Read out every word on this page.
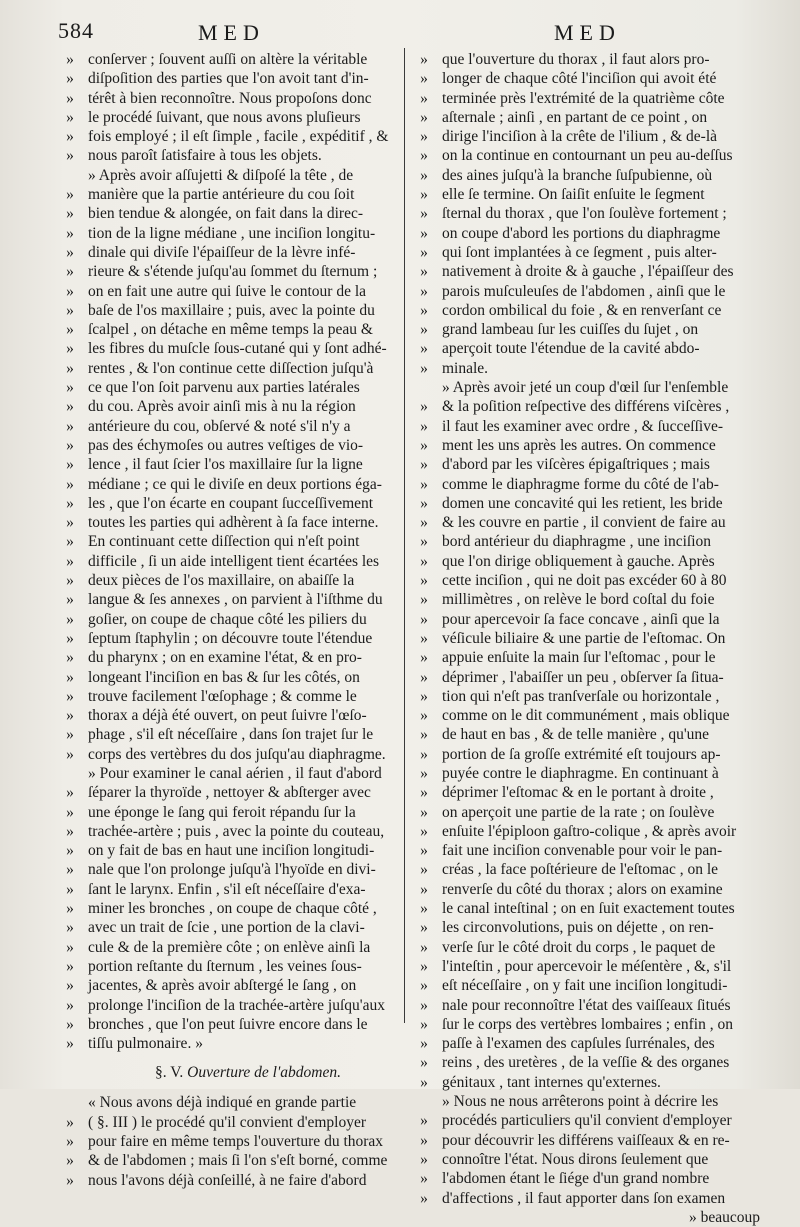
584	MED	MED
» conſerver ; ſouvent auſſi on altère la véritable
» diſpoſition des parties que l'on avoit tant d'in-
» térêt à bien reconnoître. Nous propoſons donc
» le procédé ſuivant, que nous avons pluſieurs
» fois employé ; il eſt ſimple , facile , expéditif , &
» nous paroît ſatisfaire à tous les objets.
» Après avoir aſſujetti & diſpoſé la tête , de
» manière que la partie antérieure du cou ſoit
» bien tendue & alongée, on fait dans la direc-
» tion de la ligne médiane , une inciſion longitu-
» dinale qui diviſe l'épaiſſeur de la lèvre infé-
» rieure & s'étende juſqu'au ſommet du ſternum ;
» on en fait une autre qui ſuive le contour de la
» baſe de l'os maxillaire ; puis, avec la pointe du
» ſcalpel , on détache en même temps la peau &
» les fibres du muſcle ſous-cutané qui y ſont adhé-
» rentes , & l'on continue cette diſſection juſqu'à
» ce que l'on ſoit parvenu aux parties latérales
» du cou. Après avoir ainſi mis à nu la région
» antérieure du cou, obſervé & noté s'il n'y a
» pas des échymoſes ou autres veſtiges de vio-
» lence , il faut ſcier l'os maxillaire ſur la ligne
» médiane ; ce qui le diviſe en deux portions éga-
» les , que l'on écarte en coupant ſucceſſivement
» toutes les parties qui adhèrent à ſa face interne.
» En continuant cette diſſection qui n'eſt point
» difficile , ſi un aide intelligent tient écartées les
» deux pièces de l'os maxillaire, on abaiſſe la
» langue & ſes annexes , on parvient à l'iſthme du
» goſier, on coupe de chaque côté les piliers du
» ſeptum ſtaphylin ; on découvre toute l'étendue
» du pharynx ; on en examine l'état, & en pro-
» longeant l'inciſion en bas & ſur les côtés, on
» trouve facilement l'œſophage ; & comme le
» thorax a déjà été ouvert, on peut ſuivre l'œſo-
» phage , s'il eſt néceſſaire , dans ſon trajet ſur le
» corps des vertèbres du dos juſqu'au diaphragme.
» Pour examiner le canal aérien , il faut d'abord
» ſéparer la thyroïde , nettoyer & abſterger avec
» une éponge le ſang qui feroit répandu ſur la
» trachée-artère ; puis , avec la pointe du couteau,
» on y fait de bas en haut une inciſion longitudi-
» nale que l'on prolonge juſqu'à l'hyoïde en divi-
» ſant le larynx. Enfin , s'il eſt néceſſaire d'exa-
» miner les bronches , on coupe de chaque côté ,
» avec un trait de ſcie , une portion de la clavi-
» cule & de la première côte ; on enlève ainſi la
» portion reſtante du ſternum , les veines ſous-
» jacentes, & après avoir abſtergé le ſang , on
» prolonge l'inciſion de la trachée-artère juſqu'aux
» bronches , que l'on peut ſuivre encore dans le
» tiſſu pulmonaire. »
§. V. Ouverture de l'abdomen.
« Nous avons déjà indiqué en grande partie
» ( §. III ) le procédé qu'il convient d'employer
» pour faire en même temps l'ouverture du thorax
» & de l'abdomen ; mais ſi l'on s'eſt borné, comme
» nous l'avons déjà conſeillé, à ne faire d'abord
» que l'ouverture du thorax , il faut alors pro-
» longer de chaque côté l'inciſion qui avoit été
» terminée près l'extrémité de la quatrième côte
» aſternale ; ainſi , en partant de ce point , on
» dirige l'inciſion à la crête de l'ilium , & de-là
» on la continue en contournant un peu au-deſſus
» des aines juſqu'à la branche ſuſpubienne, où
» elle ſe termine. On ſaiſit enſuite le ſegment
» ſternal du thorax , que l'on ſoulève fortement ;
» on coupe d'abord les portions du diaphragme
» qui ſont implantées à ce ſegment , puis alter-
» nativement à droite & à gauche , l'épaiſſeur des
» parois muſculeuſes de l'abdomen , ainſi que le
» cordon ombilical du foie , & en renverſant ce
» grand lambeau ſur les cuiſſes du ſujet , on
» aperçoit toute l'étendue de la cavité abdo-
» minale.
» Après avoir jeté un coup d'œil ſur l'enſemble
» & la poſition reſpective des différens viſcères ,
» il faut les examiner avec ordre , & ſucceſſive-
» ment les uns après les autres. On commence
» d'abord par les viſcères épigaſtriques ; mais
» comme le diaphragme forme du côté de l'ab-
» domen une concavité qui les retient, les bride
» & les couvre en partie , il convient de faire au
» bord antérieur du diaphragme , une inciſion
» que l'on dirige obliquement à gauche. Après
» cette inciſion , qui ne doit pas excéder 60 à 80
» millimètres , on relève le bord coſtal du foie
» pour apercevoir ſa face concave , ainſi que la
» véſicule biliaire & une partie de l'eſtomac. On
» appuie enſuite la main ſur l'eſtomac , pour le
» déprimer , l'abaiſſer un peu , obſerver ſa ſitua-
» tion qui n'eſt pas tranſverſale ou horizontale ,
» comme on le dit communément , mais oblique
» de haut en bas , & de telle manière , qu'une
» portion de ſa groſſe extrémité eſt toujours ap-
» puyée contre le diaphragme. En continuant à
» déprimer l'eſtomac & en le portant à droite ,
» on aperçoit une partie de la rate ; on ſoulève
» enſuite l'épiploon gaſtro-colique , & après avoir
» fait une inciſion convenable pour voir le pan-
» créas , la face poſtérieure de l'eſtomac , on le
» renverſe du côté du thorax ; alors on examine
» le canal inteſtinal ; on en ſuit exactement toutes
» les circonvolutions, puis on déjette , on ren-
» verſe ſur le côté droit du corps , le paquet de
» l'inteſtin , pour apercevoir le méſentère , &, s'il
» eſt néceſſaire , on y fait une inciſion longitudi-
» nale pour reconnoître l'état des vaiſſeaux ſitués
» ſur le corps des vertèbres lombaires ; enfin , on
» paſſe à l'examen des capſules ſurrénales, des
» reins , des uretères , de la veſſie & des organes
» génitaux , tant internes qu'externes.
» Nous ne nous arrêterons point à décrire les
» procédés particuliers qu'il convient d'employer
» pour découvrir les différens vaiſſeaux & en re-
» connoître l'état. Nous dirons ſeulement que
» l'abdomen étant le ſiége d'un grand nombre
» d'affections , il faut apporter dans ſon examen
» beaucoup
